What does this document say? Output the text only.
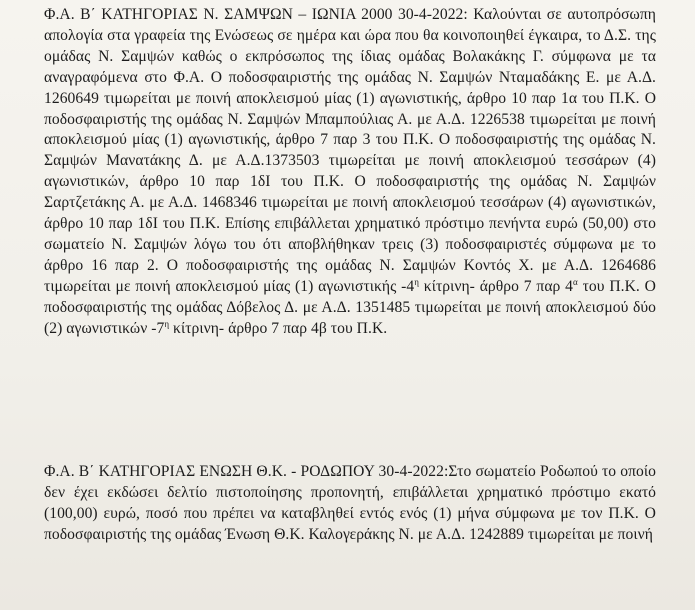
Φ.Α. Β΄ ΚΑΤΗΓΟΡΙΑΣ Ν. ΣΑΜΨΩΝ – ΙΩΝΙΑ 2000 30-4-2022: Καλούνται σε αυτοπρόσωπη απολογία στα γραφεία της Ενώσεως σε ημέρα και ώρα που θα κοινοποιηθεί έγκαιρα, το Δ.Σ. της ομάδας Ν. Σαμψών καθώς ο εκπρόσωπος της ίδιας ομάδας Βολακάκης Γ. σύμφωνα με τα αναγραφόμενα στο Φ.Α. Ο ποδοσφαιριστής της ομάδας Ν. Σαμψών Νταμαδάκης Ε. με Α.Δ. 1260649 τιμωρείται με ποινή αποκλεισμού μίας (1) αγωνιστικής, άρθρο 10 παρ 1α του Π.Κ. Ο ποδοσφαιριστής της ομάδας Ν. Σαμψών Μπαμπούλιας Α. με Α.Δ. 1226538 τιμωρείται με ποινή αποκλεισμού μίας (1) αγωνιστικής, άρθρο 7 παρ 3 του Π.Κ. Ο ποδοσφαιριστής της ομάδας Ν. Σαμψών Μανατάκης Δ. με Α.Δ.1373503 τιμωρείται με ποινή αποκλεισμού τεσσάρων (4) αγωνιστικών, άρθρο 10 παρ 1δΙ του Π.Κ. Ο ποδοσφαιριστής της ομάδας Ν. Σαμψών Σαρτζετάκης Α. με Α.Δ. 1468346 τιμωρείται με ποινή αποκλεισμού τεσσάρων (4) αγωνιστικών, άρθρο 10 παρ 1δΙ του Π.Κ. Επίσης επιβάλλεται χρηματικό πρόστιμο πενήντα ευρώ (50,00) στο σωματείο Ν. Σαμψών λόγω του ότι αποβλήθηκαν τρεις (3) ποδοσφαιριστές σύμφωνα με το άρθρο 16 παρ 2. Ο ποδοσφαιριστής της ομάδας Ν. Σαμψών Κοντός Χ. με Α.Δ. 1264686 τιμωρείται με ποινή αποκλεισμού μίας (1) αγωνιστικής $-4^\eta$ κίτρινη- άρθρο 7 παρ $4^\alpha$ του Π.Κ. Ο ποδοσφαιριστής της ομάδας Δόβελος Δ. με Α.Δ. 1351485 τιμωρείται με ποινή αποκλεισμού δύο (2) αγωνιστικών $-7^\eta$ κίτρινη- άρθρο 7 παρ 4β του Π.Κ.
Φ.Α. Β΄ ΚΑΤΗΓΟΡΙΑΣ ΕΝΩΣΗ Θ.Κ. - ΡΟΔΩΠΟΥ 30-4-2022:Στο σωματείο Ροδωπού το οποίο δεν έχει εκδώσει δελτίο πιστοποίησης προπονητή, επιβάλλεται χρηματικό πρόστιμο εκατό (100,00) ευρώ, ποσό που πρέπει να καταβληθεί εντός ενός (1) μήνα σύμφωνα με τον Π.Κ. Ο ποδοσφαιριστής της ομάδας Ένωση Θ.Κ. Καλογεράκης Ν. με Α.Δ. 1242889 τιμωρείται με ποινή
